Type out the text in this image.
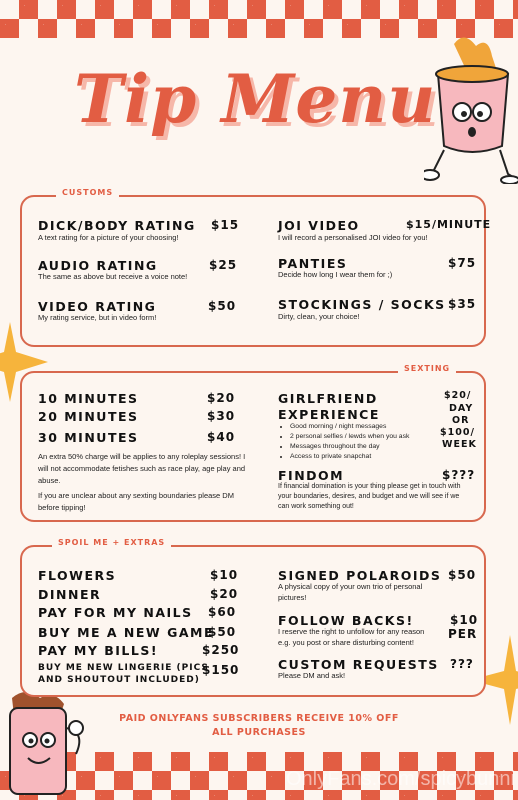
Tip Menu
CUSTOMS
DICK/BODY RATING $15
A text rating for a picture of your choosing!
AUDIO RATING	$25
The same as above but receive a voice note!
VIDEO RATING	$50
My rating service, but in video form!
JOI VIDEO	$15/MINUTE
I will record a personalised JOI video for you!
PANTIES	$75
Decide how long I wear them for ;)
STOCKINGS / SOCKS $35
Dirty, clean, your choice!
SEXTING
10 MINUTES	$20
20 MINUTES	$30
30 MINUTES	$40
An extra 50% charge will be applies to any roleplay sessions! I will not accommodate fetishes such as race play, age play and abuse.
If you are unclear about any sexting boundaries please DM before tipping!
GIRLFRIEND
EXPERIENCE
$20/
DAY
OR
$100/
WEEK
• Good morning / night messages
• 2 personal selfies / lewds when you ask
• Messages throughout the day
• Access to private snapchat
FINDOM	$???
If financial domination is your thing please get in touch with your boundaries, desires, and budget and we will see if we can work something out!
SPOIL ME + EXTRAS
FLOWERS	$10
DINNER	$20
PAY FOR MY NAILS $60
BUY ME A NEW GAME
$50
PAY MY BILLS!	$250
BUY ME NEW LINGERIE (PICS
AND SHOUTOUT INCLUDED)
$150
SIGNED POLAROIDS $50
A physical copy of your own trio of personal pictures!
FOLLOW BACKS!	$10
PER
I reserve the right to unfollow for any reason e.g. you post or share disturbing content!
CUSTOM REQUESTS ???
Please DM and ask!
PAID ONLYFANS SUBSCRIBERS RECEIVE 10% OFF
ALL PURCHASES
OnlyFans.com/spicybunni
